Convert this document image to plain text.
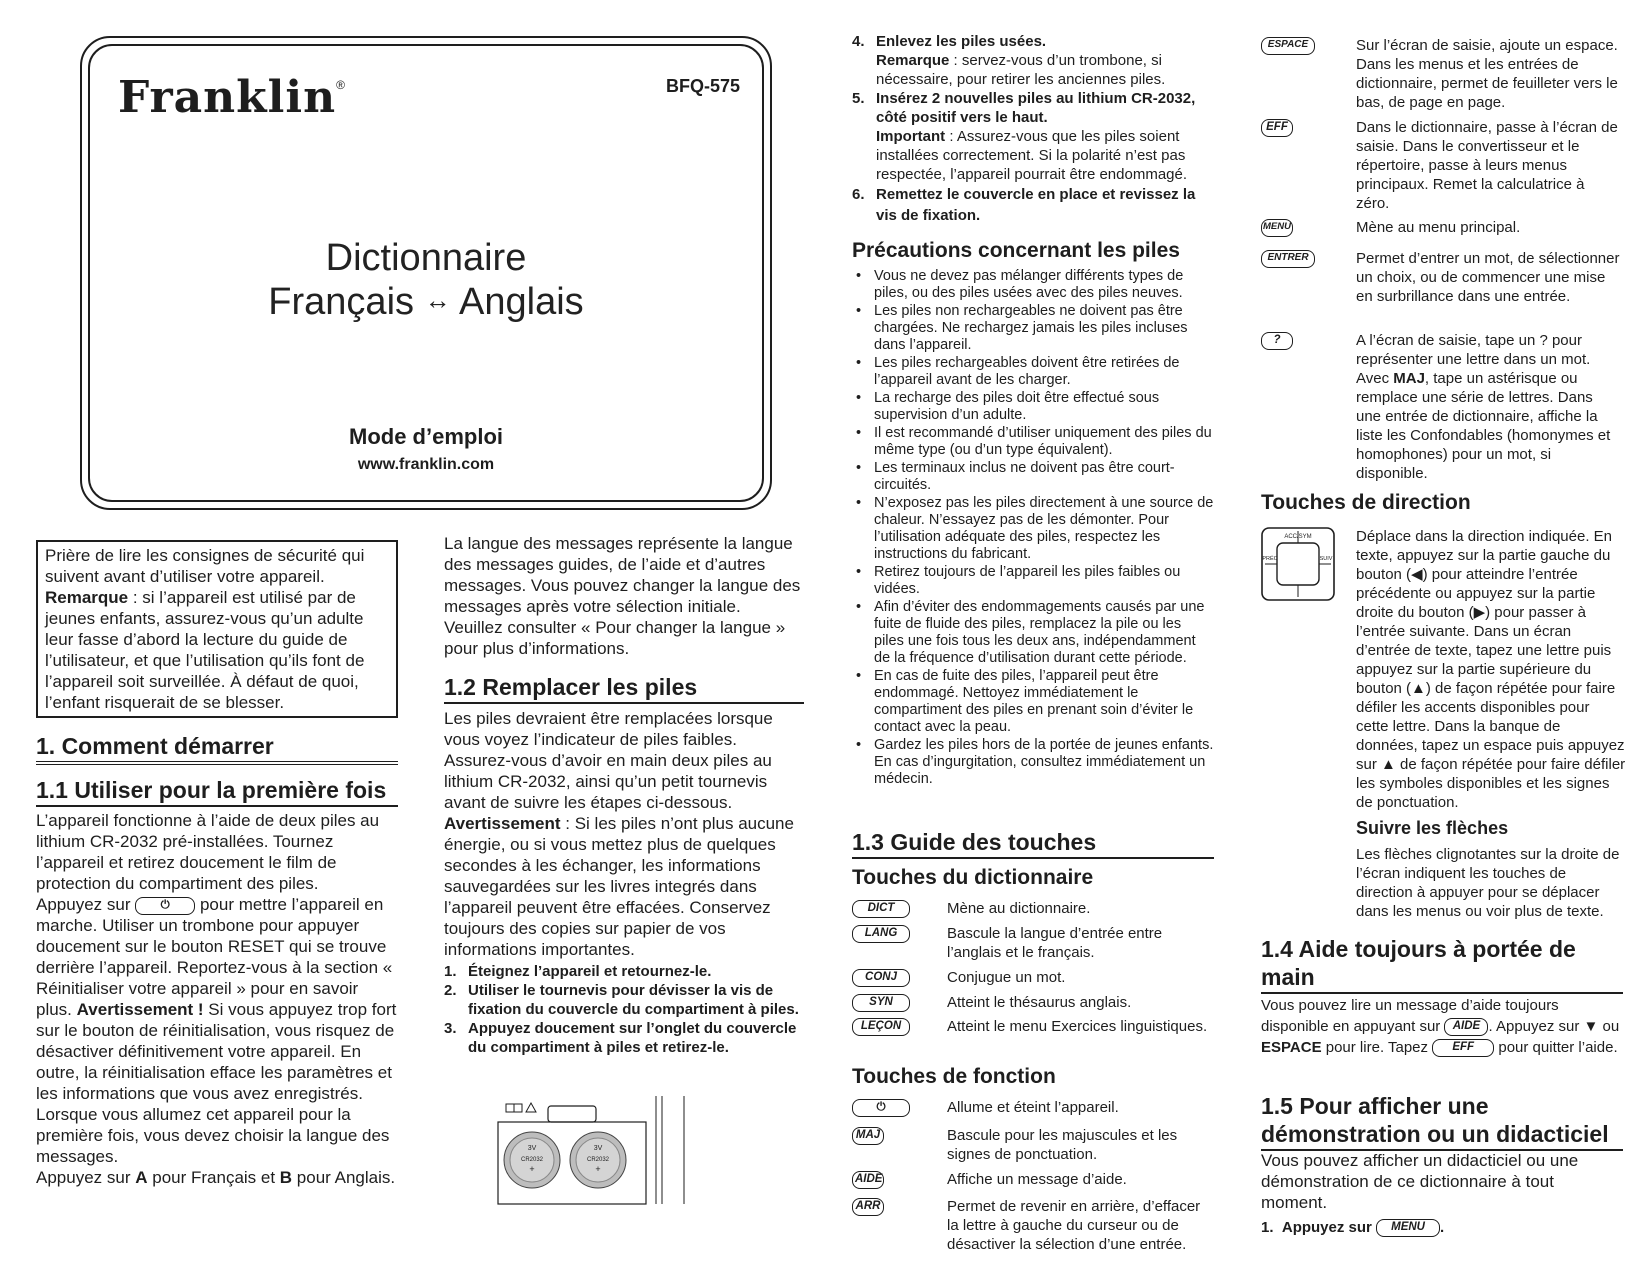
Franklin®	BFQ-575
Dictionnaire
Français ↔ Anglais
Mode d’emploi
www.franklin.com
Prière de lire les consignes de sécurité qui suivent avant d’utiliser votre appareil. Remarque : si l’appareil est utilisé par de jeunes enfants, assurez-vous qu’un adulte leur fasse d’abord la lecture du guide de l’utilisateur, et que l’utilisation qu’ils font de l’appareil soit surveillée. À défaut de quoi, l’enfant risquerait de se blesser.
1. Comment démarrer
1.1 Utiliser pour la première fois
L’appareil fonctionne à l’aide de deux piles au lithium CR-2032 pré-installées. Tournez l’appareil et retirez doucement le film de protection du compartiment des piles.
Appuyez sur	⏻ pour mettre l’appareil en marche. Utiliser un trombone pour appuyer doucement sur le bouton RESET qui se trouve derrière l’appareil. Reportez-vous à la section « Réinitialiser votre appareil » pour en savoir plus. Avertissement ! Si vous appuyez trop fort sur le bouton de réinitialisation, vous risquez de désactiver définitivement votre appareil. En outre, la réinitialisation efface les paramètres et les informations que vous avez enregistrés.
Lorsque vous allumez cet appareil pour la première fois, vous devez choisir la langue des messages.
Appuyez sur A pour Français et B pour Anglais.
La langue des messages représente la langue des messages guides, de l’aide et d’autres messages. Vous pouvez changer la langue des messages après votre sélection initiale. Veuillez consulter « Pour changer la langue » pour plus d’informations.
1.2 Remplacer les piles
Les piles devraient être remplacées lorsque vous voyez l’indicateur de piles faibles. Assurez-vous d’avoir en main deux piles au lithium CR-2032, ainsi qu’un petit tournevis avant de suivre les étapes ci-dessous.
Avertissement : Si les piles n’ont plus aucune énergie, ou si vous mettez plus de quelques secondes à les échanger, les informations sauvegardées sur les livres integrés dans l’appareil peuvent être effacées. Conservez toujours des copies sur papier de vos informations importantes.
1. Éteignez l’appareil et retournez-le.
2. Utiliser le tournevis pour dévisser la vis de fixation du couvercle du compartiment à piles.
3. Appuyez doucement sur l’onglet du couvercle du compartiment à piles et retirez-le.
3V
CR2032
+
3V
CR2032
+
4. Enlevez les piles usées.
Remarque : servez-vous d’un trombone, si nécessaire, pour retirer les anciennes piles.
5. Insérez 2 nouvelles piles au lithium CR-2032, côté positif vers le haut.
Important : Assurez-vous que les piles soient installées correctement. Si la polarité n’est pas respectée, l’appareil pourrait être endommagé.
6. Remettez le couvercle en place et revissez la vis de fixation.
Précautions concernant les piles
• Vous ne devez pas mélanger différents types de piles, ou des piles usées avec des piles neuves.
• Les piles non rechargeables ne doivent pas être chargées. Ne rechargez jamais les piles incluses dans l’appareil.
• Les piles rechargeables doivent être retirées de l’appareil avant de les charger.
• La recharge des piles doit être effectué sous supervision d’un adulte.
• Il est recommandé d’utiliser uniquement des piles du même type (ou d’un type équivalent).
• Les terminaux inclus ne doivent pas être court-circuités.
• N’exposez pas les piles directement à une source de chaleur. N’essayez pas de les démonter. Pour l’utilisation adéquate des piles, respectez les instructions du fabricant.
• Retirez toujours de l’appareil les piles faibles ou vidées.
• Afin d’éviter des endommagements causés par une fuite de fluide des piles, remplacez la pile ou les piles une fois tous les deux ans, indépendamment de la fréquence d’utilisation durant cette période.
• En cas de fuite des piles, l’appareil peut être endommagé. Nettoyez immédiatement le compartiment des piles en prenant soin d’éviter le contact avec la peau.
• Gardez les piles hors de la portée de jeunes enfants. En cas d’ingurgitation, consultez immédiatement un médecin.
1.3 Guide des touches
Touches du dictionnaire
DICT	Mène au dictionnaire.
LANG	Bascule la langue d’entrée entre l’anglais et le français.
CONJ	Conjugue un mot.
SYN	Atteint le thésaurus anglais.
LEÇON	Atteint le menu Exercices linguistiques.
Touches de fonction
⏻	Allume et éteint l’appareil.
MAJ	Bascule pour les majuscules et les signes de ponctuation.
AIDE	Affiche un message d’aide.
ARR	Permet de revenir en arrière, d’effacer la lettre à gauche du curseur ou de désactiver la sélection d’une entrée.
ESPACE	Sur l’écran de saisie, ajoute un espace. Dans les menus et les entrées de dictionnaire, permet de feuilleter vers le bas, de page en page.
EFF	Dans le dictionnaire, passe à l’écran de saisie. Dans le convertisseur et le répertoire, passe à leurs menus principaux. Remet la calculatrice à zéro.
MENU	Mène au menu principal.
ENTRER	Permet d’entrer un mot, de sélectionner un choix, ou de commencer une mise en surbrillance dans une entrée.
?	A l’écran de saisie, tape un ? pour représenter une lettre dans un mot. Avec MAJ, tape un astérisque ou remplace une série de lettres. Dans une entrée de dictionnaire, affiche la liste les Confondables (homonymes et homophones) pour un mot, si disponible.
Touches de direction
ACC/SYM
PRÉC	SUIV
Déplace dans la direction indiquée. En texte, appuyez sur la partie gauche du bouton (◀) pour atteindre l’entrée précédente ou appuyez sur la partie droite du bouton (▶) pour passer à l’entrée suivante. Dans un écran d’entrée de texte, tapez une lettre puis appuyez sur la partie supérieure du bouton (▲) de façon répétée pour faire défiler les accents disponibles pour cette lettre. Dans la banque de données, tapez un espace puis appuyez sur ▲ de façon répétée pour faire défiler les symboles disponibles et les signes de ponctuation.
Suivre les flèches
Les flèches clignotantes sur la droite de l’écran indiquent les touches de direction à appuyer pour se déplacer dans les menus ou voir plus de texte.
1.4 Aide toujours à portée de main
Vous pouvez lire un message d’aide toujours disponible en appuyant sur AIDE . Appuyez sur ▼ ou ESPACE pour lire. Tapez EFF pour quitter l’aide.
1.5 Pour afficher une démonstration ou un didacticiel
Vous pouvez afficher un didacticiel ou une démonstration de ce dictionnaire à tout moment.
1. Appuyez sur MENU .
